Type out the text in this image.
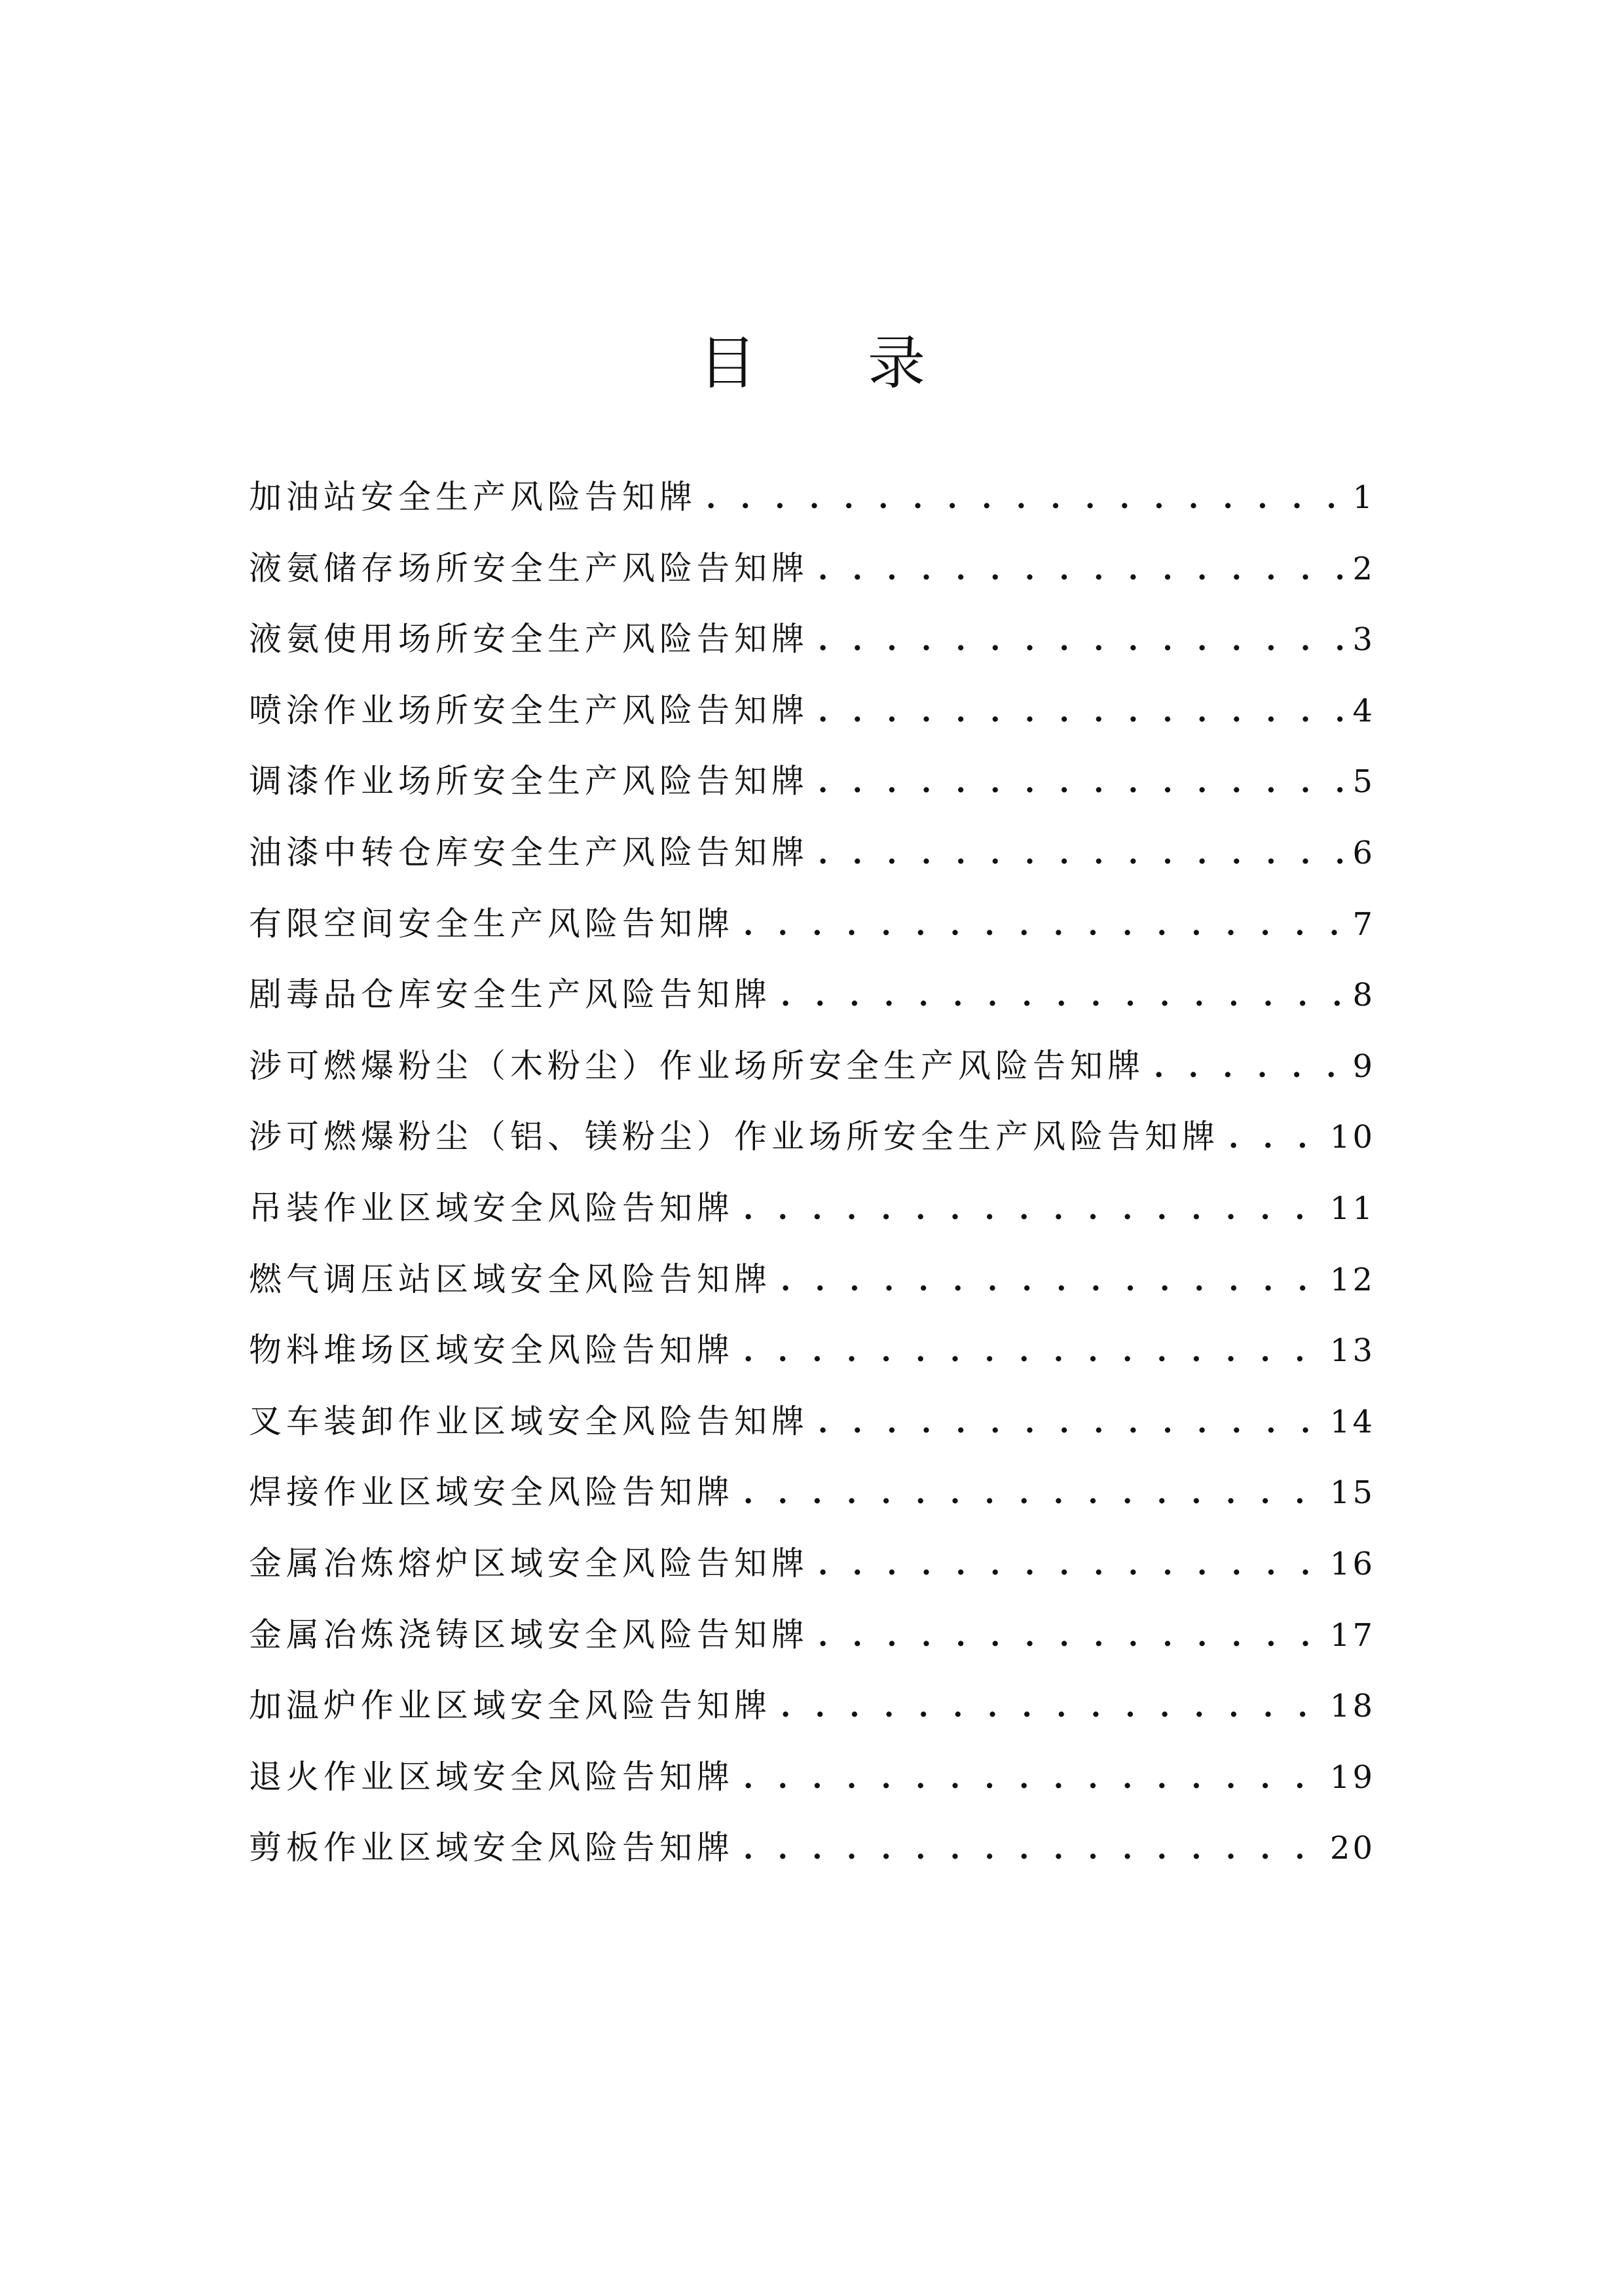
目 录
加油站安全生产风险告知牌 . . .	1
液氨储存场所安全生产风险告知牌 . . .	2
液氨使用场所安全生产风险告知牌 . . .	3
喷涂作业场所安全生产风险告知牌 . . .	4
调漆作业场所安全生产风险告知牌 . . .	5
油漆中转仓库安全生产风险告知牌 . . .	6
有限空间安全生产风险告知牌 . . .	7
剧毒品仓库安全生产风险告知牌 . . .	8
涉可燃爆粉尘（木粉尘）作业场所安全生产风险告知牌 . . .	9
涉可燃爆粉尘（铝、镁粉尘）作业场所安全生产风险告知牌 . . .	10
吊装作业区域安全风险告知牌 . . .	11
燃气调压站区域安全风险告知牌 . . .	12
物料堆场区域安全风险告知牌 . . .	13
叉车装卸作业区域安全风险告知牌 . . .	14
焊接作业区域安全风险告知牌 . . .	15
金属冶炼熔炉区域安全风险告知牌 . . .	16
金属冶炼浇铸区域安全风险告知牌 . . .	17
加温炉作业区域安全风险告知牌 . . .	18
退火作业区域安全风险告知牌 . . .	19
剪板作业区域安全风险告知牌 . . .	20
